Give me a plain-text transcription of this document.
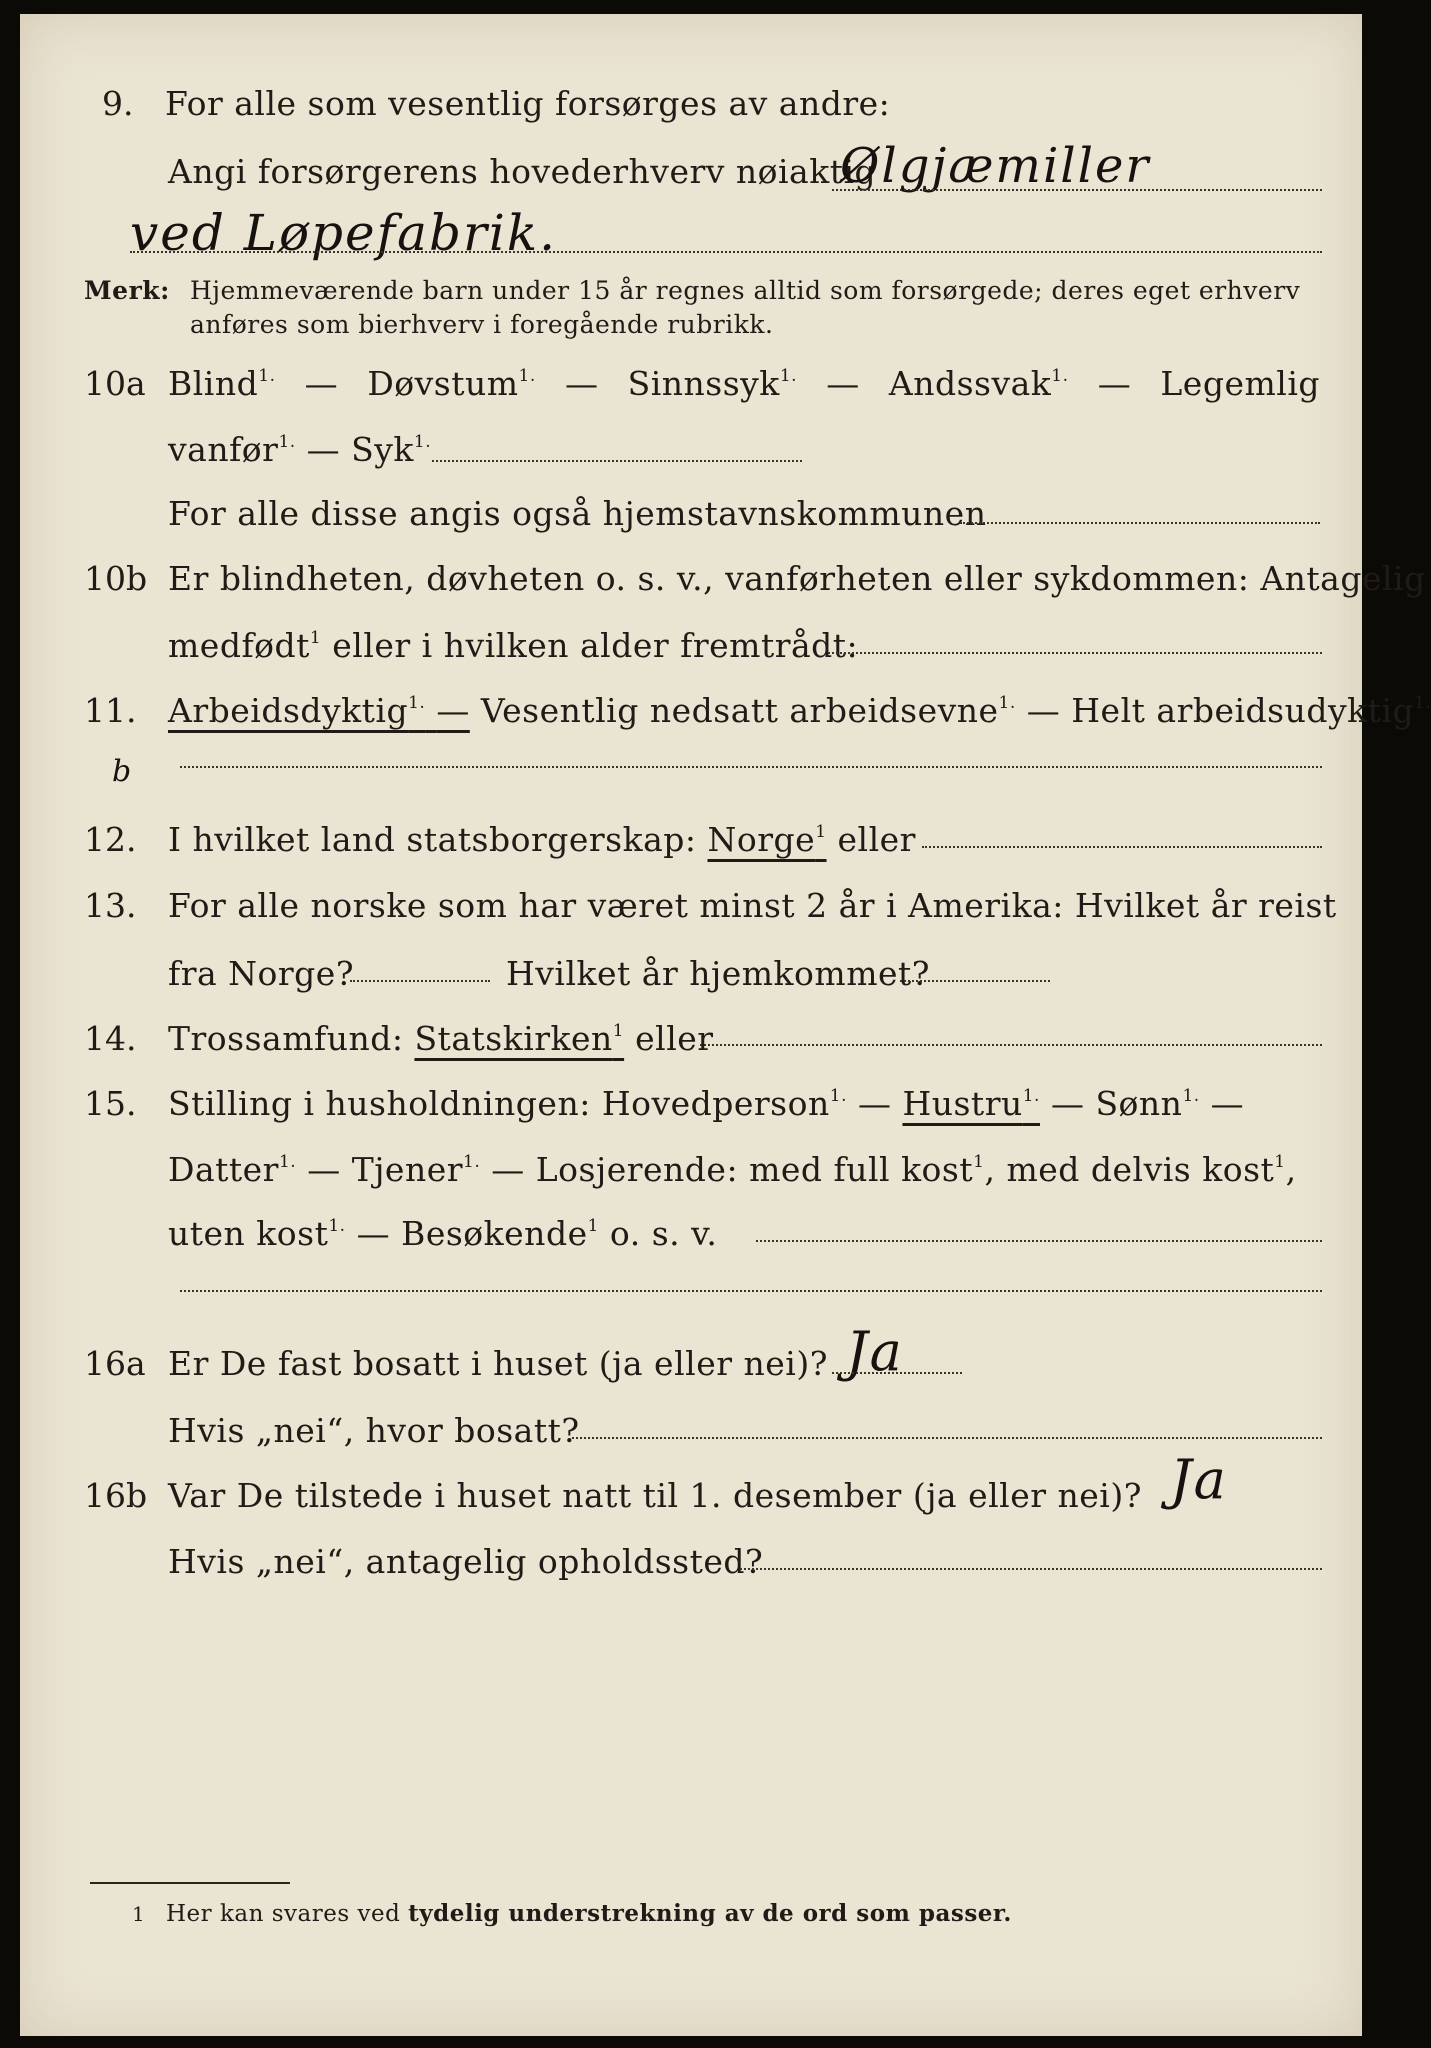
9. For alle som vesentlig forsørges av andre:
Angi forsørgerens hovederhverv nøiaktig
Ølgjæmiller
ved Løpefabrik.
Merk: Hjemmeværende barn under 15 år regnes alltid som forsørgede; deres eget erhverv
anføres som bierhverv i foregående rubrikk.
10a Blind$^{1.}$ — Døvstum$^{1.}$ — Sinnssyk$^{1.}$ — Andssvak$^{1.}$ — Legemlig
vanfør$^{1.}$ — Syk$^{1.}$
For alle disse angis også hjemstavnskommunen
10b Er blindheten, døvheten o. s. v., vanførheten eller sykdommen: Antagelig
medfødt$^1$ eller i hvilken alder fremtrådt:
11. Arbeidsdyktig$^{1.}$ — Vesentlig nedsatt arbeidsevne$^{1.}$ — Helt arbeidsudyktig$^{1.}$
b
12. I hvilket land statsborgerskap: Norge$^1$ eller
13. For alle norske som har været minst 2 år i Amerika: Hvilket år reist
fra Norge?	Hvilket år hjemkommet?
14. Trossamfund: Statskirken$^1$ eller
15. Stilling i husholdningen: Hovedperson$^{1.}$ — Hustru$^{1.}$ — Sønn$^{1.}$ —
Datter$^{1.}$ — Tjener$^{1.}$ — Losjerende: med full kost$^1$, med delvis kost$^1$,
uten kost$^{1.}$ — Besøkende$^1$ o. s. v.
16a Er De fast bosatt i huset (ja eller nei)? Ja
Hvis „nei“, hvor bosatt?
16b Var De tilstede i huset natt til 1. desember (ja eller nei)? Ja
Hvis „nei“, antagelig opholdssted?
1 Her kan svares ved tydelig understrekning av de ord som passer.
